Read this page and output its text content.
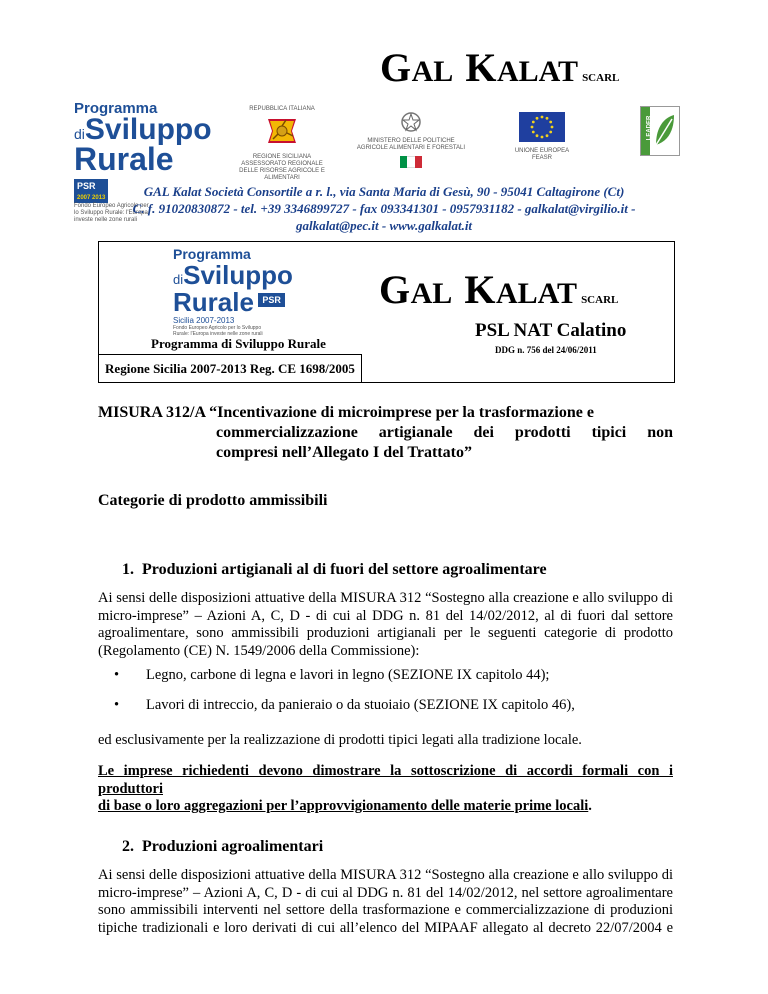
GAL KALAT SCARL
Programma
diSviluppo
Rurale PSR
2007 2013
Fondo Europeo Agricolo per lo Sviluppo Rurale: l'Europa investe nelle zone rurali
REPUBBLICA ITALIANA
REGIONE SICILIANA ASSESSORATO REGIONALE DELLE RISORSE AGRICOLE E ALIMENTARI
MINISTERO DELLE POLITICHE AGRICOLE ALIMENTARI E FORESTALI	UNIONE EUROPEA FEASR
LEADER
GAL Kalat Società Consortile a r. l., via Santa Maria di Gesù, 90 - 95041 Caltagirone (Ct)
C. f. 91020830872 - tel. +39 3346899727 - fax 093341301 - 0957931182 - galkalat@virgilio.it -
galkalat@pec.it - www.galkalat.it
Programma
diSviluppo
Rurale PSR
Sicilia 2007-2013
Fondo Europeo Agricolo per lo Sviluppo Rurale: l'Europa investe nelle zone rurali
Programma di Sviluppo Rurale
Regione Sicilia 2007-2013 Reg. CE 1698/2005
GAL KALAT SCARL
PSL NAT Calatino
DDG n. 756 del 24/06/2011
MISURA 312/A “Incentivazione di microimprese per la trasformazione e
commercializzazione artigianale dei prodotti tipici non
compresi nell’Allegato I del Trattato”
Categorie di prodotto ammissibili
1. Produzioni artigianali al di fuori del settore agroalimentare
Ai sensi delle disposizioni attuative della MISURA 312 “Sostegno alla creazione e allo sviluppo di
micro-imprese” – Azioni A, C, D - di cui al DDG n. 81 del 14/02/2012, al di fuori dal settore
agroalimentare, sono ammissibili produzioni artigianali per le seguenti categorie di prodotto
(Regolamento (CE) N. 1549/2006 della Commissione):
• Legno, carbone di legna e lavori in legno (SEZIONE IX capitolo 44);
• Lavori di intreccio, da panieraio o da stuoiaio (SEZIONE IX capitolo 46),
ed esclusivamente per la realizzazione di prodotti tipici legati alla tradizione locale.
Le imprese richiedenti devono dimostrare la sottoscrizione di accordi formali con i produttori
di base o loro aggregazioni per l’approvvigionamento delle materie prime locali.
2. Produzioni agroalimentari
Ai sensi delle disposizioni attuative della MISURA 312 “Sostegno alla creazione e allo sviluppo di
micro-imprese” – Azioni A, C, D - di cui al DDG n. 81 del 14/02/2012, nel settore agroalimentare
sono ammissibili interventi nel settore della trasformazione e commercializzazione di produzioni
tipiche tradizionali e loro derivati di cui all’elenco del MIPAAF allegato al decreto 22/07/2004 e
